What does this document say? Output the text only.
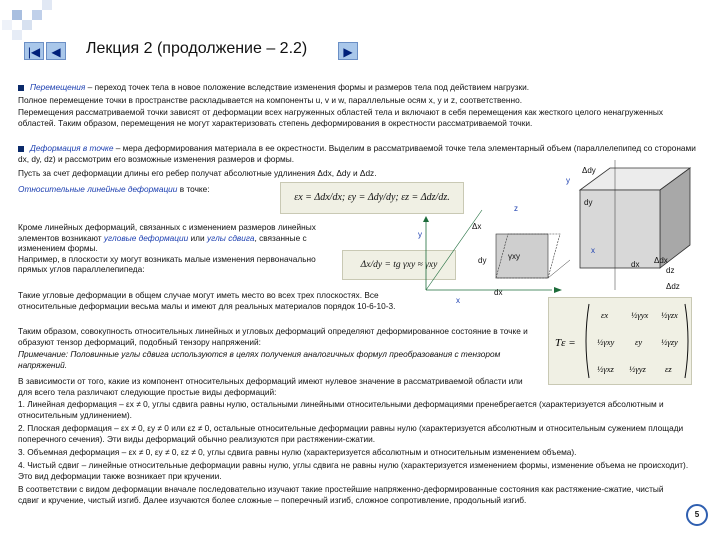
|◀ ◀	Лекция 2 (продолжение – 2.2)	▶
Перемещения – переход точек тела в новое положение вследствие изменения формы и размеров тела под действием нагрузки.
Полное перемещение точки в пространстве раскладывается на компоненты u, v и w, параллельные осям x, y и z, соответственно.
Перемещения рассматриваемой точки зависят от деформации всех нагруженных областей тела и включают в себя перемещения как жесткого целого ненагруженных областей. Таким образом, перемещения не могут характеризовать степень деформирования в окрестности рассматриваемой точки.
Деформация в точке – мера деформирования материала в ее окрестности. Выделим в рассматриваемой точке тела элементарный объем (параллелепипед со сторонами dx, dy, dz) и рассмотрим его возможные изменения размеров и формы.
Пусть за счет деформации длины его ребер получат абсолютные удлинения Δdx, Δdy и Δdz.
Относительные линейные деформации в точке:
εx = Δdx/dx; εy = Δdy/dy; εz = Δdz/dz.
Кроме линейных деформаций, связанных с изменением размеров линейных элементов возникают угловые деформации или углы сдвига, связанные с изменением формы.
Например, в плоскости xy могут возникать малые изменения первоначально прямых углов параллелепипеда:	Δx/dy = tg γxy ≈ γxy
Такие угловые деформации в общем случае могут иметь место во всех трех плоскостях. Все относительные деформации весьма малы и имеют для реальных материалов порядок 10-6-10-3.
Таким образом, совокупность относительных линейных и угловых деформаций определяют деформированное состояние в точке и образуют тензор деформаций, подобный тензору напряжений:
Примечание: Половинные углы сдвига используются в целях получения аналогичных формул преобразования с тензором напряжений.
Tε =
εx	½γyx ½γzx
½γxy εy ½γzy
½γxz ½γyz εz
Δdy
y
dy
x
dx Δdx
dz
Δdz
y
z
Δx
dy	γxy
x
dx
В зависимости от того, какие из компонент относительных деформаций имеют нулевое значение в рассматриваемой области или для всего тела различают следующие простые виды деформаций:
1. Линейная деформация – εx ≠ 0, углы сдвига равны нулю, остальными линейными относительными деформациями пренебрегается (характеризуется абсолютным и относительным удлинением).
2. Плоская деформация – εx ≠ 0, εy ≠ 0 или εz ≠ 0, остальные относительные деформации равны нулю (характеризуется абсолютным и относительным сужением площади поперечного сечения). Эти виды деформаций обычно реализуются при растяжении-сжатии.
3. Объемная деформация – εx ≠ 0, εy ≠ 0, εz ≠ 0, углы сдвига равны нулю (характеризуется абсолютным и относительным изменением объема).
4. Чистый сдвиг – линейные относительные деформации равны нулю, углы сдвига не равны нулю (характеризуется изменением формы, изменение объема не происходит). Это вид деформации также возникает при кручении.
В соответствии с видом деформации вначале последовательно изучают такие простейшие напряженно-деформированные состояния как растяжение-сжатие, чистый сдвиг и кручение, чистый изгиб. Далее изучаются более сложные – поперечный изгиб, сложное сопротивление, продольный изгиб.
5
